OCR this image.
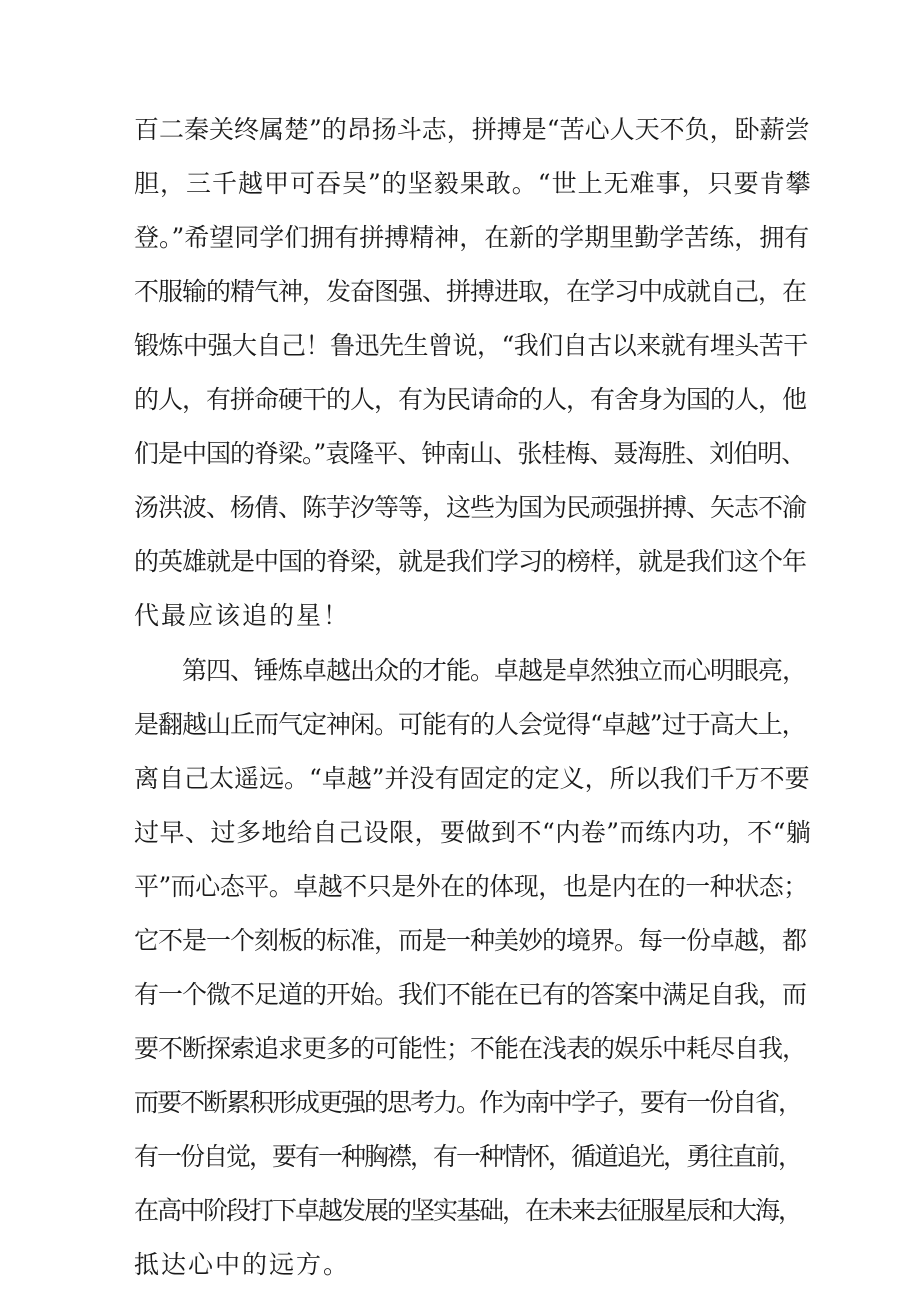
百二秦关终属楚”的昂扬斗志，拼搏是“苦心人天不负，卧薪尝
胆，三千越甲可吞吴”的坚毅果敢。“世上无难事，只要肯攀
登。”希望同学们拥有拼搏精神，在新的学期里勤学苦练，拥有
不服输的精气神，发奋图强、拼搏进取，在学习中成就自己，在
锻炼中强大自己！鲁迅先生曾说，“我们自古以来就有埋头苦干
的人，有拼命硬干的人，有为民请命的人，有舍身为国的人，他
们是中国的脊梁。”袁隆平、钟南山、张桂梅、聂海胜、刘伯明、
汤洪波、杨倩、陈芋汐等等，这些为国为民顽强拼搏、矢志不渝
的英雄就是中国的脊梁，就是我们学习的榜样，就是我们这个年
代最应该追的星！
第四、锤炼卓越出众的才能。卓越是卓然独立而心明眼亮，
是翻越山丘而气定神闲。可能有的人会觉得“卓越”过于高大上，
离自己太遥远。“卓越”并没有固定的定义，所以我们千万不要
过早、过多地给自己设限，要做到不“内卷”而练内功，不“躺
平”而心态平。卓越不只是外在的体现，也是内在的一种状态；
它不是一个刻板的标准，而是一种美妙的境界。每一份卓越，都
有一个微不足道的开始。我们不能在已有的答案中满足自我，而
要不断探索追求更多的可能性；不能在浅表的娱乐中耗尽自我，
而要不断累积形成更强的思考力。作为南中学子，要有一份自省，
有一份自觉，要有一种胸襟，有一种情怀，循道追光，勇往直前，
在高中阶段打下卓越发展的坚实基础，在未来去征服星辰和大海，
抵达心中的远方。
